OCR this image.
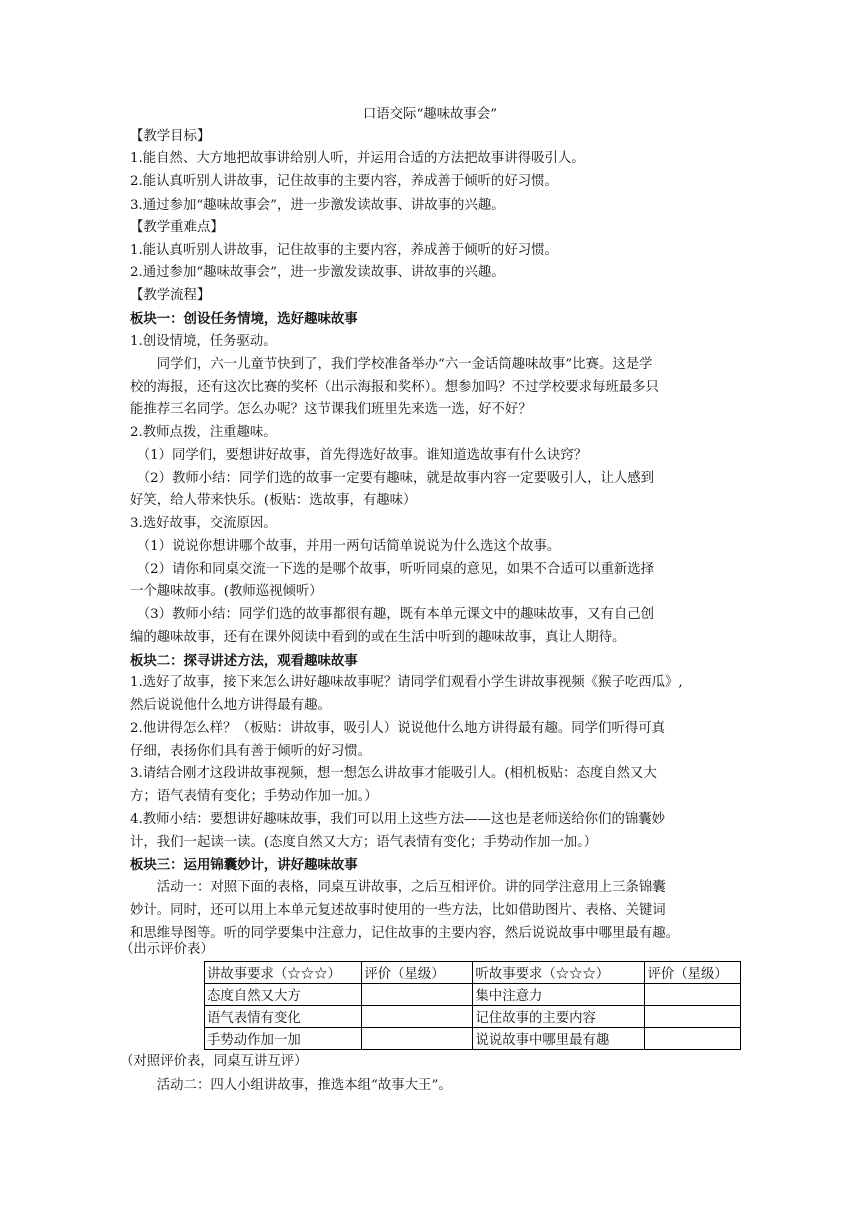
口语交际“趣味故事会”
【教学目标】
1.能自然、大方地把故事讲给别人听，并运用合适的方法把故事讲得吸引人。
2.能认真听别人讲故事，记住故事的主要内容，养成善于倾听的好习惯。
3.通过参加“趣味故事会”，进一步激发读故事、讲故事的兴趣。
【教学重难点】
1.能认真听别人讲故事，记住故事的主要内容，养成善于倾听的好习惯。
2.通过参加“趣味故事会”，进一步激发读故事、讲故事的兴趣。
【教学流程】
板块一：创设任务情境，选好趣味故事
1.创设情境，任务驱动。
　　同学们，六一儿童节快到了，我们学校准备举办“六一金话筒趣味故事”比赛。这是学
校的海报，还有这次比赛的奖杯（出示海报和奖杯）。想参加吗？不过学校要求每班最多只
能推荐三名同学。怎么办呢？这节课我们班里先来选一选，好不好？
2.教师点拨，注重趣味。
　（1）同学们，要想讲好故事，首先得选好故事。谁知道选故事有什么诀窍？
　（2）教师小结：同学们选的故事一定要有趣味，就是故事内容一定要吸引人，让人感到
好笑，给人带来快乐。(板贴：选故事，有趣味）
3.选好故事，交流原因。
　（1）说说你想讲哪个故事，并用一两句话简单说说为什么选这个故事。
　（2）请你和同桌交流一下选的是哪个故事，听听同桌的意见，如果不合适可以重新选择
一个趣味故事。(教师巡视倾听）
　（3）教师小结：同学们选的故事都很有趣，既有本单元课文中的趣味故事，又有自己创
编的趣味故事，还有在课外阅读中看到的或在生活中听到的趣味故事，真让人期待。
板块二：探寻讲述方法，观看趣味故事
1.选好了故事，接下来怎么讲好趣味故事呢？请同学们观看小学生讲故事视频《猴子吃西瓜》,
然后说说他什么地方讲得最有趣。
2.他讲得怎么样？（板贴：讲故事，吸引人）说说他什么地方讲得最有趣。同学们听得可真
仔细，表扬你们具有善于倾听的好习惯。
3.请结合刚才这段讲故事视频，想一想怎么讲故事才能吸引人。(相机板贴：态度自然又大
方；语气表情有变化；手势动作加一加。）
4.教师小结：要想讲好趣味故事，我们可以用上这些方法——这也是老师送给你们的锦囊妙
计，我们一起读一读。(态度自然又大方；语气表情有变化；手势动作加一加。）
板块三：运用锦囊妙计，讲好趣味故事
　　活动一：对照下面的表格，同桌互讲故事，之后互相评价。讲的同学注意用上三条锦囊
妙计。同时，还可以用上本单元复述故事时使用的一些方法，比如借助图片、表格、关键词
和思维导图等。听的同学要集中注意力，记住故事的主要内容，然后说说故事中哪里最有趣。
（出示评价表）
讲故事要求（☆☆☆）	评价（星级）	听故事要求（☆☆☆）	评价（星级）
态度自然又大方		集中注意力	
语气表情有变化		记住故事的主要内容	
手势动作加一加		说说故事中哪里最有趣	
（对照评价表，同桌互讲互评）
　　活动二：四人小组讲故事，推选本组“故事大王”。
